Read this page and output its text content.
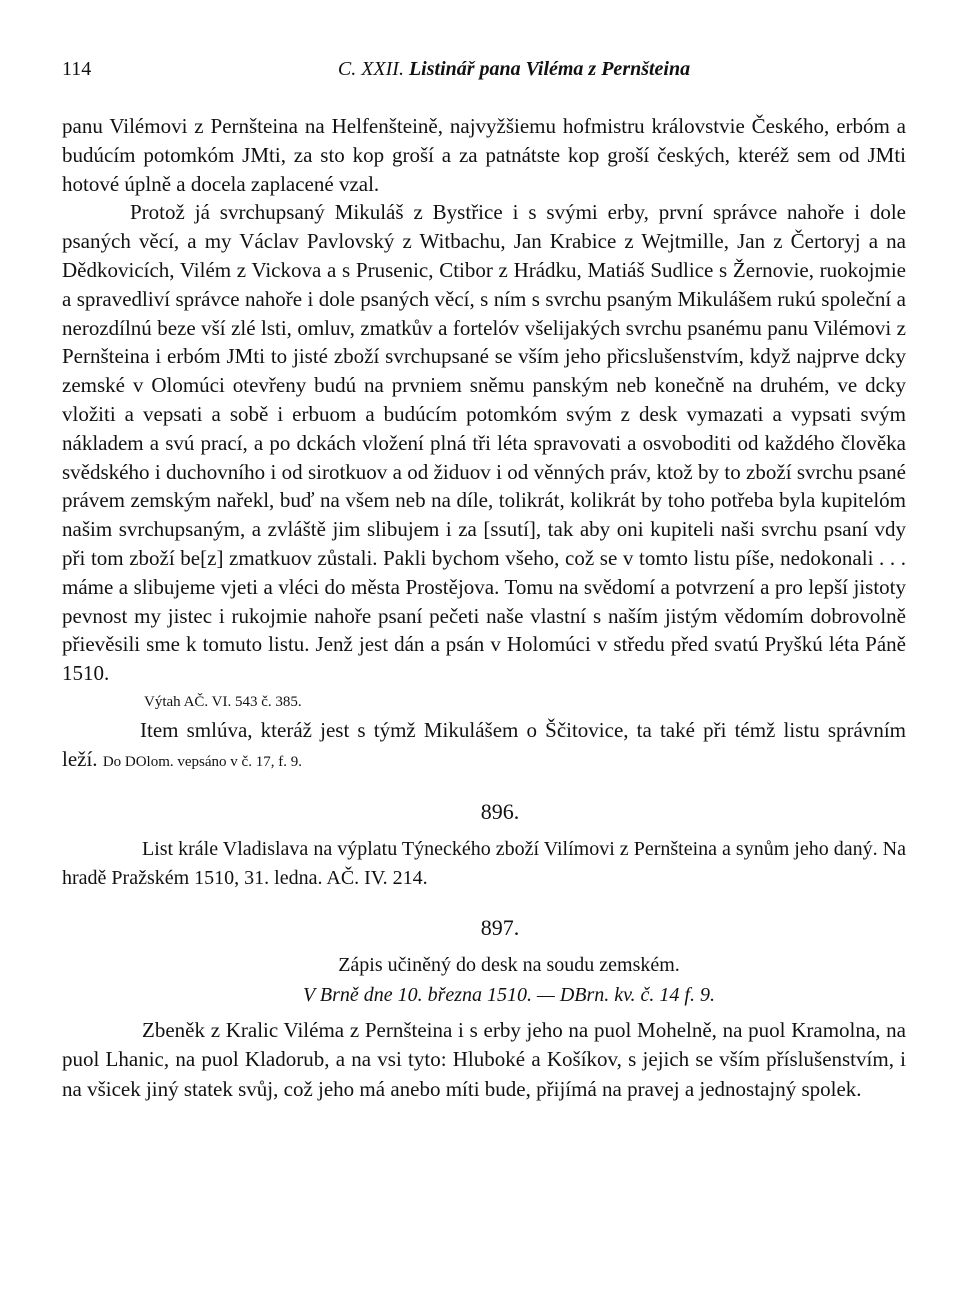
114	C. XXII. Listinář pana Viléma z Pernšteina

panu Vilémovi z Pernšteina na Helfenšteině, najvyžšiemu hofmistru královstvie Českého, erbóm a budúcím potomkóm JMti, za sto kop groší a za patnátste kop groší českých, kteréž sem od JMti hotové úplně a docela zaplacené vzal.

Protož já svrchupsaný Mikuláš z Bystřice i s svými erby, první správce nahoře i dole psaných věcí, a my Václav Pavlovský z Witbachu, Jan Krabice z Wejtmille, Jan z Čertoryj a na Dědkovicích, Vilém z Vickova a s Prusenic, Ctibor z Hrádku, Matiáš Sudlice s Žernovie, ruokojmie a spravedliví správce nahoře i dole psaných věcí, s ním s svrchu psaným Mikulášem rukú společní a nerozdílnú beze vší zlé lsti, omluv, zmatkův a fortelóv všelijakých svrchu psanému panu Vilémovi z Pernšteina i erbóm JMti to jisté zboží svrchupsané se vším jeho přicslušenstvím, když najprve dcky zemské v Olomúci otevřeny budú na prvniem sněmu panským neb konečně na druhém, ve dcky vložiti a vepsati a sobě i erbuom a budúcím potomkóm svým z desk vymazati a vypsati svým nákladem a svú prací, a po dckách vložení plná tři léta spravovati a osvoboditi od každého člověka svědského i duchovního i od sirotkuov a od židuov i od věnných práv, ktož by to zboží svrchu psané právem zemským nařekl, buď na všem neb na díle, tolikrát, kolikrát by toho potřeba byla kupitelóm našim svrchupsaným, a zvláště jim slibujem i za [ssutí], tak aby oni kupiteli naši svrchu psaní vdy při tom zboží be[z] zmatkuov zůstali. Pakli bychom všeho, což se v tomto listu píše, nedokonali . . . máme a slibujeme vjeti a vléci do města Prostějova. Tomu na svědomí a potvrzení a pro lepší jistoty pevnost my jistec i rukojmie nahoře psaní pečeti naše vlastní s naším jistým vědomím dobrovolně přievěsili sme k tomuto listu. Jenž jest dán a psán v Holomúci v středu před svatú Pryškú léta Páně 1510.

Výtah AČ. VI. 543 č. 385.
Item smlúva, kteráž jest s týmž Mikulášem o Ščitovice, ta také při témž listu správním leží. Do DOlom. vepsáno v č. 17, f. 9.
896.
List krále Vladislava na výplatu Týneckého zboží Vilímovi z Pernšteina a synům jeho daný. Na hradě Pražském 1510, 31. ledna. AČ. IV. 214.
897.
Zápis učiněný do desk na soudu zemském.
V Brně dne 10. března 1510. — DBrn. kv. č. 14 f. 9.
Zbeněk z Kralic Viléma z Pernšteina i s erby jeho na puol Mohelně, na puol Kramolna, na puol Lhanic, na puol Kladorub, a na vsi tyto: Hluboké a Košíkov, s jejich se vším příslušenstvím, i na všicek jiný statek svůj, což jeho má anebo míti bude, přijímá na pravej a jednostajný spolek.
